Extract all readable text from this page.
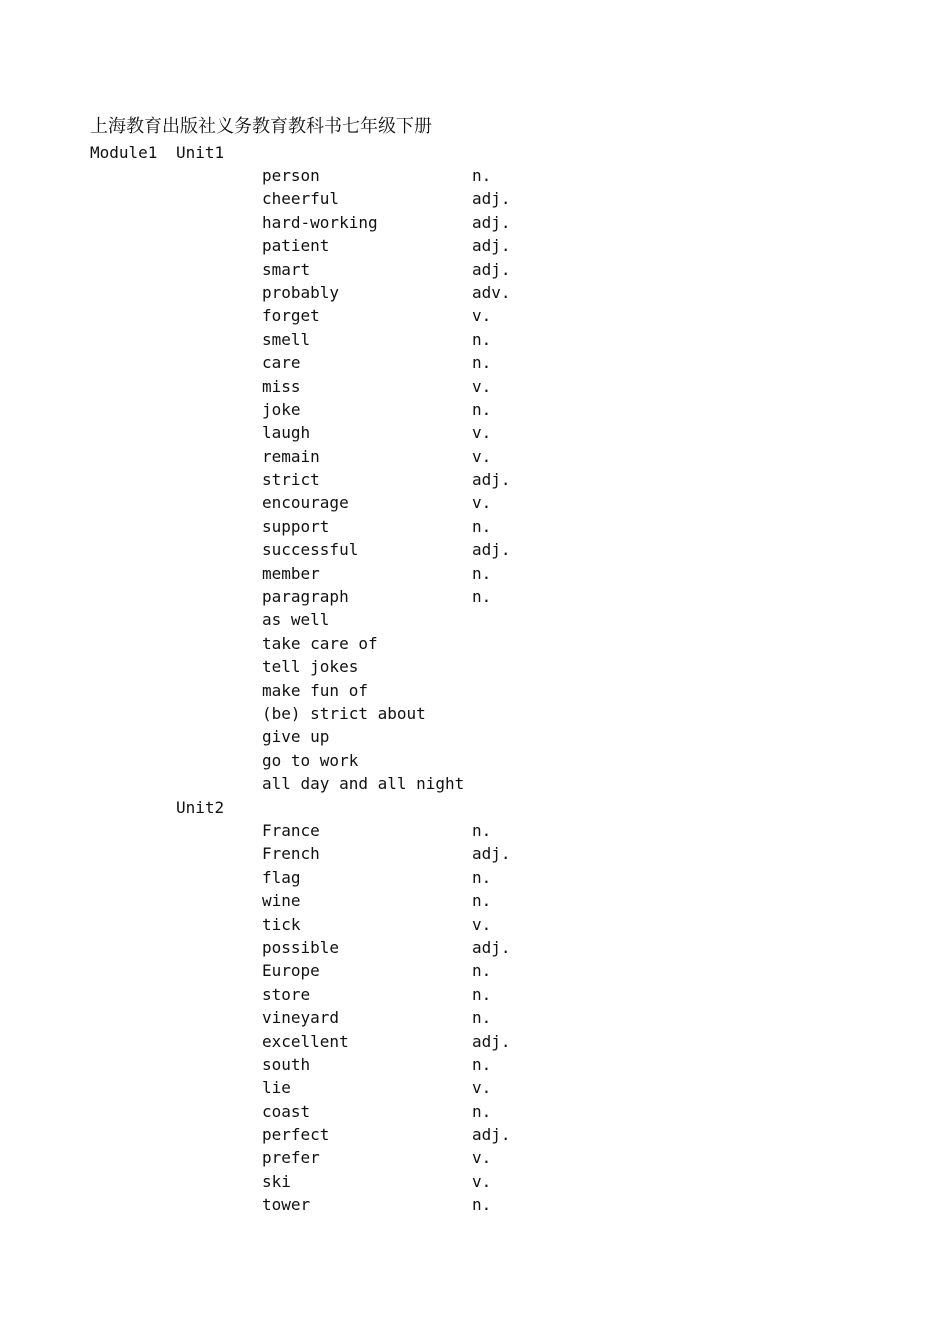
上海教育出版社义务教育教科书七年级下册
Module1 Unit1
person	n.
cheerful	adj.
hard-working	adj.
patient	adj.
smart	adj.
probably	adv.
forget	v.
smell	n.
care	n.
miss	v.
joke	n.
laugh	v.
remain	v.
strict	adj.
encourage	v.
support	n.
successful	adj.
member	n.
paragraph	n.
as well
take care of
tell jokes
make fun of
(be) strict about
give up
go to work
all day and all night
Unit2
France	n.
French	adj.
flag	n.
wine	n.
tick	v.
possible	adj.
Europe	n.
store	n.
vineyard	n.
excellent	adj.
south	n.
lie	v.
coast	n.
perfect	adj.
prefer	v.
ski	v.
tower	n.
